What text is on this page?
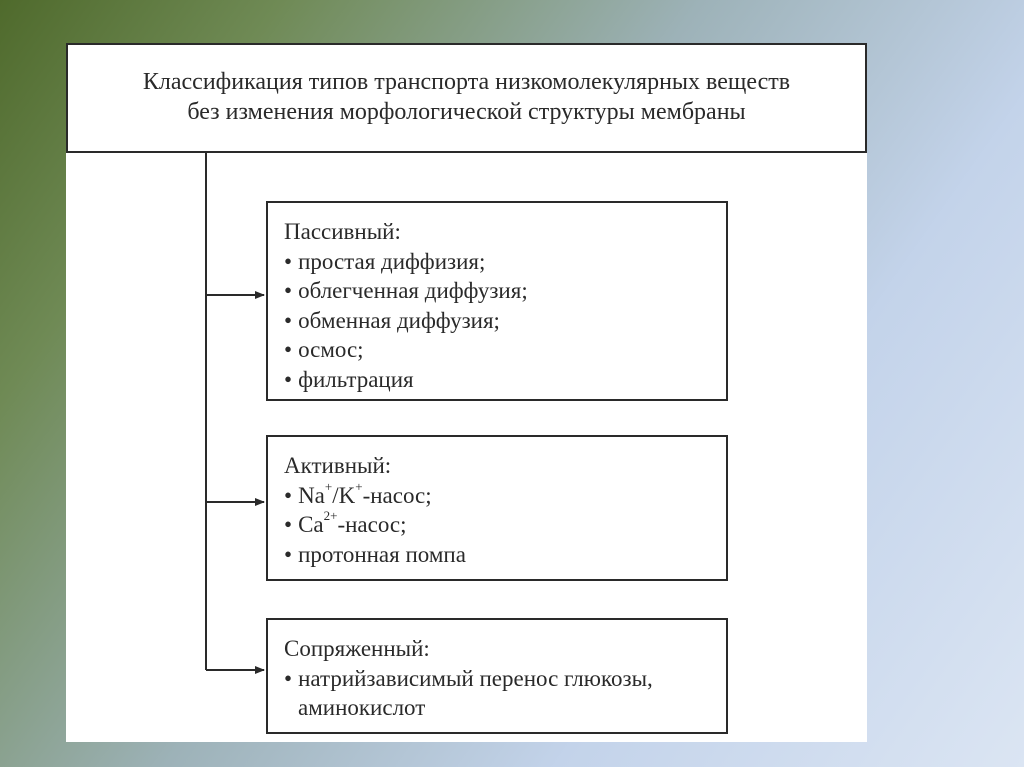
Классификация типов транспорта низкомолекулярных веществ
без изменения морфологической структуры мембраны
Пассивный:
• простая диффизия;
• облегченная диффузия;
• обменная диффузия;
• осмос;
• фильтрация
Активный:
• Na+/K+-насос;
• $Ca^{2+}$-насос;
• протонная помпа
Сопряженный:
• натрийзависимый перенос глюкозы,
аминокислот
